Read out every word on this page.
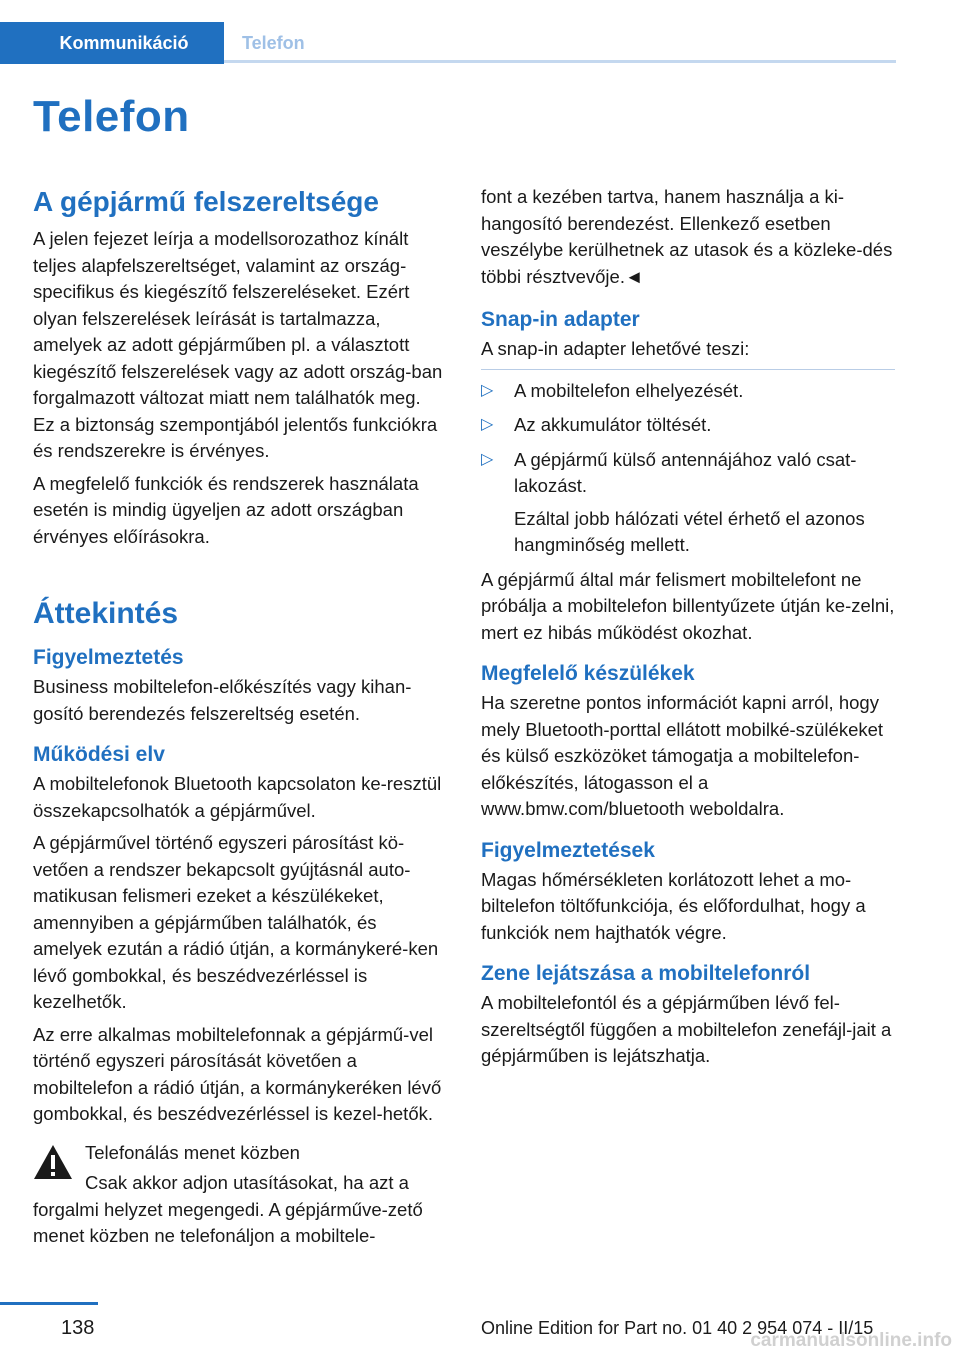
Kommunikáció	Telefon
Telefon
A gépjármű felszereltsége

A jelen fejezet leírja a modellsorozathoz kínált teljes alapfelszereltséget, valamint az ország-specifikus és kiegészítő felszereléseket. Ezért olyan felszerelések leírását is tartalmazza, amelyek az adott gépjárműben pl. a választott kiegészítő felszerelések vagy az adott ország-ban forgalmazott változat miatt nem találhatók meg. Ez a biztonság szempontjából jelentős funkciókra és rendszerekre is érvényes.

A megfelelő funkciók és rendszerek használata esetén is mindig ügyeljen az adott országban érvényes előírásokra.

Áttekintés
Figyelmeztetés

Business mobiltelefon-előkészítés vagy kihan-gosító berendezés felszereltség esetén.

Működési elv

A mobiltelefonok Bluetooth kapcsolaton ke-resztül összekapcsolhatók a gépjárművel.

A gépjárművel történő egyszeri párosítást kö-vetően a rendszer bekapcsolt gyújtásnál auto-matikusan felismeri ezeket a készülékeket, amennyiben a gépjárműben találhatók, és amelyek ezután a rádió útján, a kormánykeré-ken lévő gombokkal, és beszédvezérléssel is kezelhetők.

Az erre alkalmas mobiltelefonnak a gépjármű-vel történő egyszeri párosítását követően a mobiltelefon a rádió útján, a kormánykeréken lévő gombokkal, és beszédvezérléssel is kezel-hetők.

Telefonálás menet közben

Csak akkor adjon utasításokat, ha azt a forgalmi helyzet megengedi. A gépjárműve-zető menet közben ne telefonáljon a mobiltele-

font a kezében tartva, hanem használja a ki-hangosító berendezést. Ellenkező esetben veszélybe kerülhetnek az utasok és a közleke-dés többi résztvevője.◄

Snap-in adapter

A snap-in adapter lehetővé teszi:

▷ A mobiltelefon elhelyezését.
▷ Az akkumulátor töltését.
▷ A gépjármű külső antennájához való csat-lakozást.
Ezáltal jobb hálózati vétel érhető el azonos hangminőség mellett.

A gépjármű által már felismert mobiltelefont ne próbálja a mobiltelefon billentyűzete útján ke-zelni, mert ez hibás működést okozhat.

Megfelelő készülékek

Ha szeretne pontos információt kapni arról, hogy mely Bluetooth-porttal ellátott mobilké-szülékeket és külső eszközöket támogatja a mobiltelefon-előkészítés, látogasson el a www.bmw.com/bluetooth weboldalra.

Figyelmeztetések

Magas hőmérsékleten korlátozott lehet a mo-biltelefon töltőfunkciója, és előfordulhat, hogy a funkciók nem hajthatók végre.

Zene lejátszása a mobiltelefonról

A mobiltelefontól és a gépjárműben lévő fel-szereltségtől függően a mobiltelefon zenefájl-jait a gépjárműben is lejátszhatja.

138	Online Edition for Part no. 01 40 2 954 074 - II/15
carmanualsonline.info
